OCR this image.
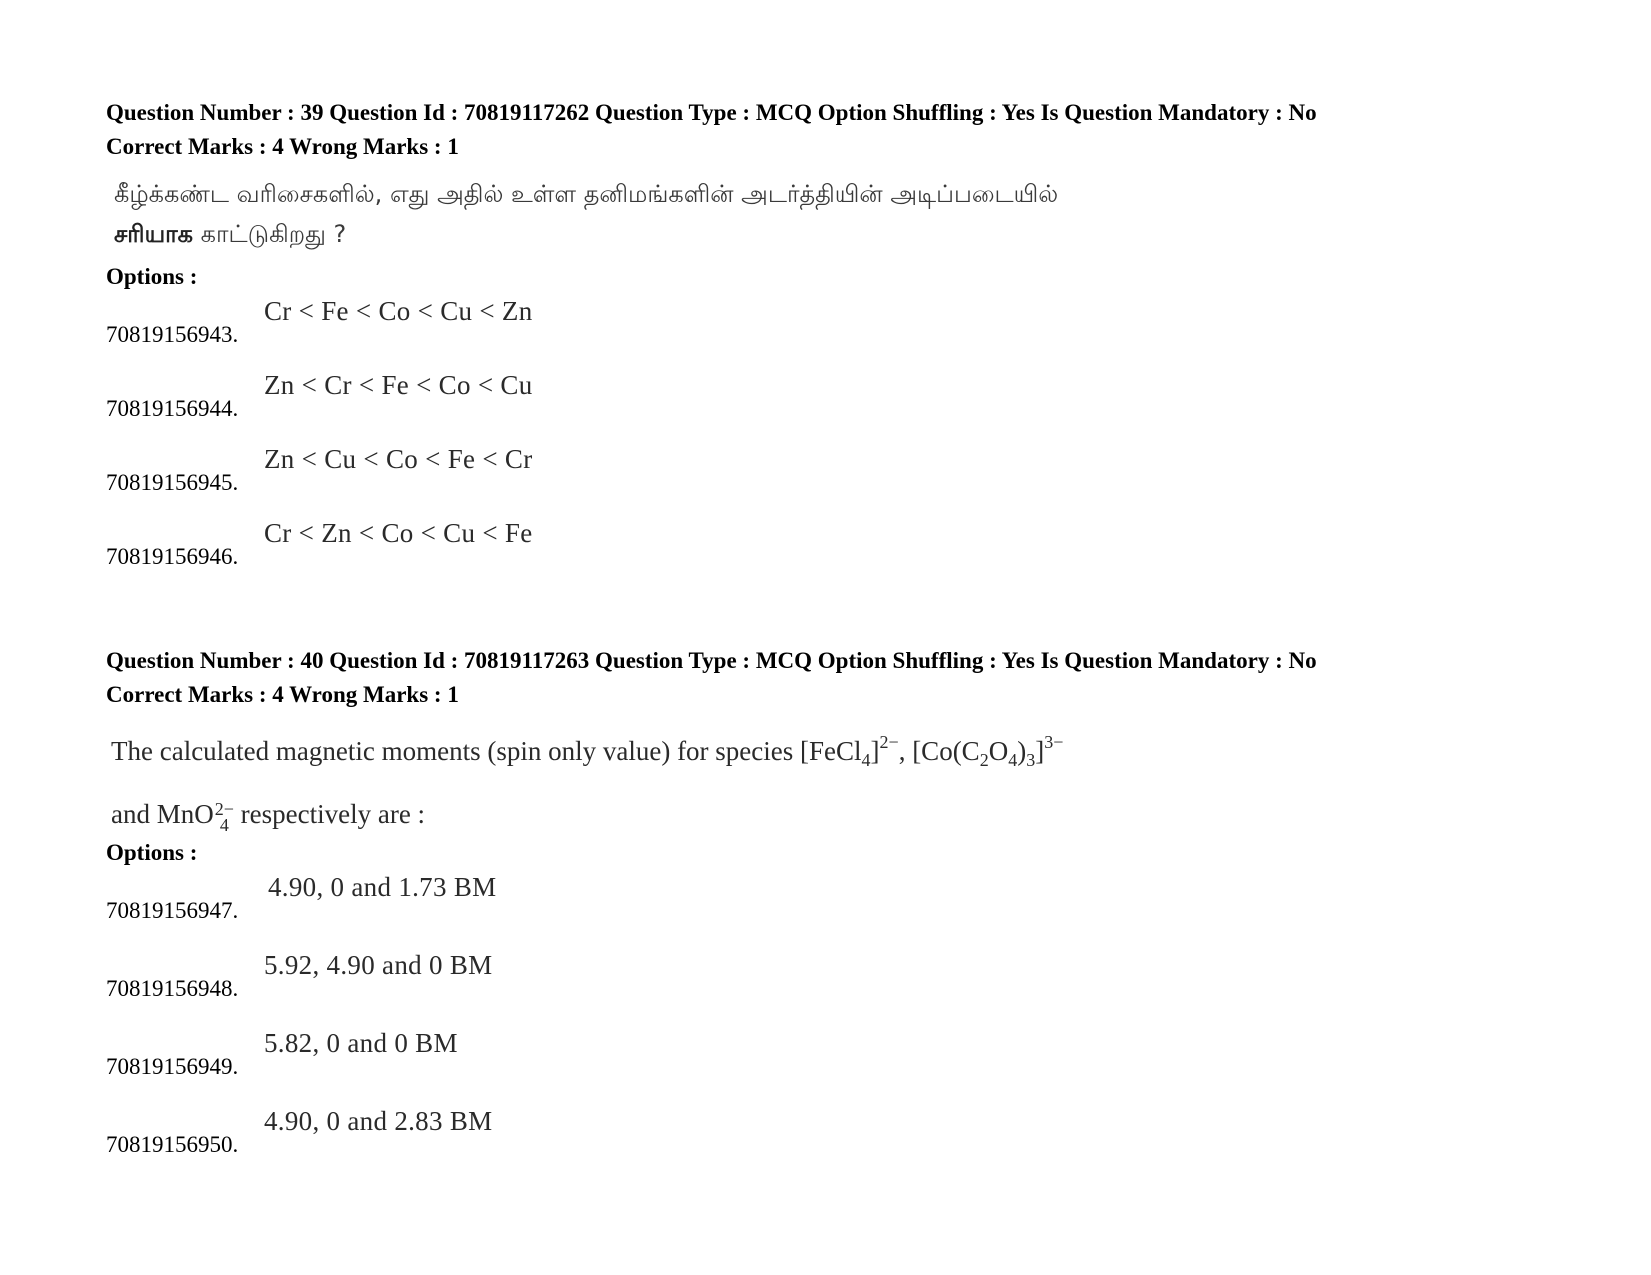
Question Number : 39 Question Id : 70819117262 Question Type : MCQ Option Shuffling : Yes Is Question Mandatory : No
Correct Marks : 4 Wrong Marks : 1
கீழ்க்கண்ட வரிசைகளில், எது அதில் உள்ள தனிமங்களின் அடர்த்தியின் அடிப்படையில்
சரியாக காட்டுகிறது ?
Options :
70819156943.
Cr < Fe < Co < Cu < Zn
70819156944.
Zn < Cr < Fe < Co < Cu
70819156945.
Zn < Cu < Co < Fe < Cr
70819156946.
Cr < Zn < Co < Cu < Fe
Question Number : 40 Question Id : 70819117263 Question Type : MCQ Option Shuffling : Yes Is Question Mandatory : No
Correct Marks : 4 Wrong Marks : 1
The calculated magnetic moments (spin only value) for species [FeCl$_4$]$^{2-}$, $[Co(C_2O_4)_3]^{3-}$
and MnO 2−
4 respectively are :
Options :
70819156947.
4.90, 0 and 1.73 BM
70819156948.
5.92, 4.90 and 0 BM
70819156949.
5.82, 0 and 0 BM
70819156950.
4.90, 0 and 2.83 BM
